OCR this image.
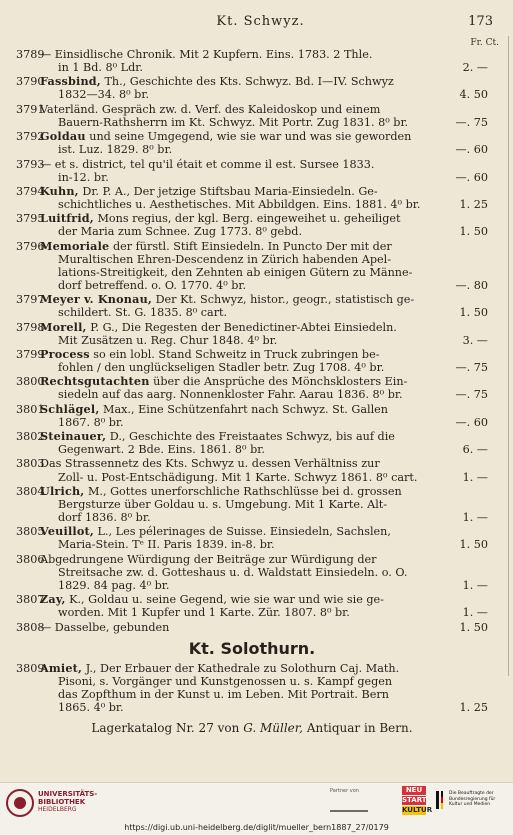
Kt. Schwyz.	173
Fr. Ct.
3789
— Einsidlische Chronik. Mit 2 Kupfern. Eins. 1783. 2 Thle.
in 1 Bd. 8⁰ Ldr.	2. —
3790
Fassbind, Th., Geschichte des Kts. Schwyz. Bd. I—IV. Schwyz
1832—34. 8⁰ br.	4. 50
3791
Vaterländ. Gespräch zw. d. Verf. des Kaleidoskop und einem
Bauern-Rathsherrn im Kt. Schwyz. Mit Portr. Zug 1831. 8⁰ br.	—. 75
3792
Goldau und seine Umgegend, wie sie war und was sie geworden
ist. Luz. 1829. 8⁰ br.	—. 60
3793
— et s. district, tel qu'il était et comme il est. Sursee 1833.
in-12. br.	—. 60
3794
Kuhn, Dr. P. A., Der jetzige Stiftsbau Maria-Einsiedeln. Ge-
schichtliches u. Aesthetisches. Mit Abbildgen. Eins. 1881. 4⁰ br.	1. 25
3795
Luitfrid, Mons regius, der kgl. Berg. eingeweihet u. geheiliget
der Maria zum Schnee. Zug 1773. 8⁰ gebd.	1. 50
3796
Memoriale der fürstl. Stift Einsiedeln. In Puncto Der mit der
Muraltischen Ehren-Descendenz in Zürich habenden Apel-
lations-Streitigkeit, den Zehnten ab einigen Gütern zu Männe-
dorf betreffend. o. O. 1770. 4⁰ br.	—. 80
3797
Meyer v. Knonau, Der Kt. Schwyz, histor., geogr., statistisch ge-
schildert. St. G. 1835. 8⁰ cart.	1. 50
3798
Morell, P. G., Die Regesten der Benedictiner-Abtei Einsiedeln.
Mit Zusätzen u. Reg. Chur 1848. 4⁰ br.	3. —
3799
Process so ein lobl. Stand Schweitz in Truck zubringen be-
fohlen / den unglückseligen Stadler betr. Zug 1708. 4⁰ br.	—. 75
3800
Rechtsgutachten über die Ansprüche des Mönchsklosters Ein-
siedeln auf das aarg. Nonnenkloster Fahr. Aarau 1836. 8⁰ br.	—. 75
3801
Schlägel, Max., Eine Schützenfahrt nach Schwyz. St. Gallen
1867. 8⁰ br.	—. 60
3802
Steinauer, D., Geschichte des Freistaates Schwyz, bis auf die
Gegenwart. 2 Bde. Eins. 1861. 8⁰ br.	6. —
3803
Das Strassennetz des Kts. Schwyz u. dessen Verhältniss zur
Zoll- u. Post-Entschädigung. Mit 1 Karte. Schwyz 1861. 8⁰ cart.	1. —
3804
Ulrich, M., Gottes unerforschliche Rathschlüsse bei d. grossen
Bergsturze über Goldau u. s. Umgebung. Mit 1 Karte. Alt-
dorf 1836. 8⁰ br.	1. —
3805
Veuillot, L., Les pélerinages de Suisse. Einsiedeln, Sachslen,
Maria-Stein. Tᵉ II. Paris 1839. in-8. br.	1. 50
3806
Abgedrungene Würdigung der Beiträge zur Würdigung der
Streitsache zw. d. Gotteshaus u. d. Waldstatt Einsiedeln. o. O.
1829. 84 pag. 4⁰ br.	1. —
3807
Zay, K., Goldau u. seine Gegend, wie sie war und wie sie ge-
worden. Mit 1 Kupfer und 1 Karte. Zür. 1807. 8⁰ br.	1. —
3808
— Dasselbe, gebunden	1. 50
Kt. Solothurn.
3809
Amiet, J., Der Erbauer der Kathedrale zu Solothurn Caj. Math.
Pisoni, s. Vorgänger und Kunstgenossen u. s. Kampf gegen
das Zopfthum in der Kunst u. im Leben. Mit Portrait. Bern
1865. 4⁰ br.	1. 25
Lagerkatalog Nr. 27 von G. Müller, Antiquar in Bern.
UNIVERSITÄTS-BIBLIOTHEK
HEIDELBERG
Partner von	NEU
START
KULTUR
Die Beauftragte der Bundesregierung für Kultur und Medien
https://digi.ub.uni-heidelberg.de/diglit/mueller_bern1887_27/0179
